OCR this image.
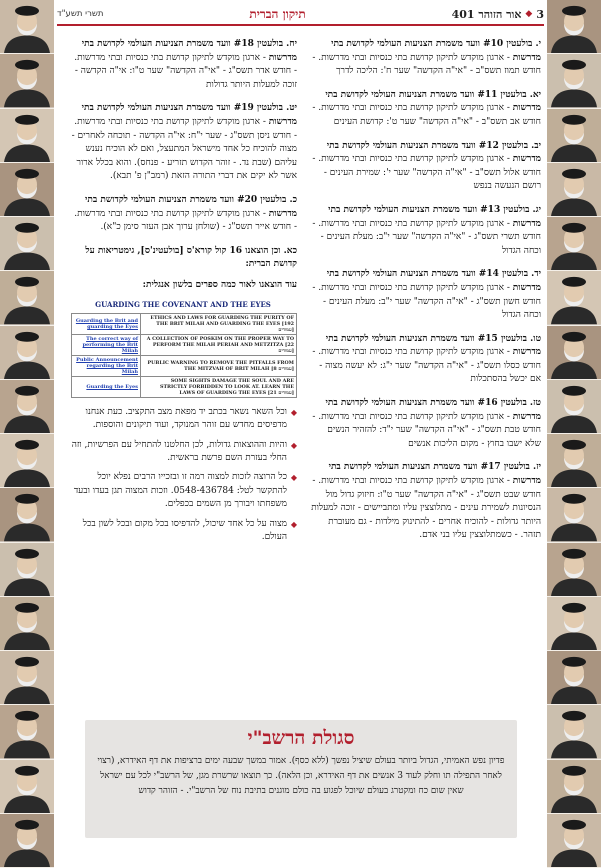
3
◆
אור הזוהר 401
תיקון הברית
תשרי תשע"ד
י. בולעטין #10 וועד משמרת הצניעות העולמי לקדושת בתי מדרשות - ארגון מוקדש לתיקון קדושת בתי כנסיות ובתי מדרשות. - חודש תמוז תשס"ב - "אי"ה הקדשה" שער ח': הליכה לדרך
יא. בולעטין #11 וועד משמרת הצניעות העולמי לקדושת בתי מדרשות - ארגון מוקדש לתיקון קדושת בתי כנסיות ובתי מדרשות. - חודש אב תשס"ב - "אי"ה הקדשה" שער ט': קדושת העינים
יב. בולעטין #12 וועד משמרת הצניעות העולמי לקדושת בתי מדרשות - ארגון מוקדש לתיקון קדושת בתי כנסיות ובתי מדרשות. - חודש אלול תשס"ב - "אי"ה הקדשה" שער י': שמירת העינים - רושם הנעשה בנפש
יג. בולעטין #13 וועד משמרת הצניעות העולמי לקדושת בתי מדרשות - ארגון מוקדש לתיקון קדושת בתי כנסיות ובתי מדרשות. - חודש תשרי תשס"ג - "אי"ה הקדשה" שער י"ב: מעלת העינים - וכחה הגדול
יד. בולעטין #14 וועד משמרת הצניעות העולמי לקדושת בתי מדרשות - ארגון מוקדש לתיקון קדושת בתי כנסיות ובתי מדרשות. - חודש חשון תשס"ג - "אי"ה הקדשה" שער י"ב: מעלת העינים - וכחה הגדול
טו. בולעטין #15 וועד משמרת הצניעות העולמי לקדושת בתי מדרשות - ארגון מוקדש לתיקון קדושת בתי כנסיות ובתי מדרשות. - חודש כסלו תשס"ג - "אי"ה הקדשה" שער י"ג: לא יעשה מצוה - אם יכשל בהסתכלות
טז. בולעטין #16 וועד משמרת הצניעות העולמי לקדושת בתי מדרשות - ארגון מוקדש לתיקון קדושת בתי כנסיות ובתי מדרשות. - חודש טבת תשס"ג - "אי"ה הקדשה" שער י"ד: להזהיר הנשים שלא ישבו בחוץ - מקום הליכות אנשים
יז. בולעטין #17 וועד משמרת הצניעות העולמי לקדושת בתי מדרשות - ארגון מוקדש לתיקון קדושת בתי כנסיות ובתי מדרשות. - חודש שבט תשס"ג - "אי"ה הקדשה" שער ט"ו: חיזוק גדול מול הנסיונות לשמירת עינים - מתלוצצין עליו ומתביישים - זוכה למעלות היותר גדולות - להוכיח אחרים - להתינוק מילדות - גם מעוברת תזהר. - כשמתלוצצין עליו בני אדם.
יח. בולעטין #18 וועד משמרת הצניעות העולמי לקדושת בתי מדרשות - ארגון מוקדש לתיקון קדושת בתי כנסיות ובתי מדרשות. - חודש אדר תשס"ג - "אי"ה הקדשה" שער ט"ו: אי"ה הקדשה - זוכה למעלות היותר גדולות
יט. בולעטין #19 וועד משמרת הצניעות העולמי לקדושת בתי מדרשות - ארגון מוקדש לתיקון קדושת בתי כנסיות ובתי מדרשות. - חודש ניסן תשס"ג - שער י"ח: אי"ה הקדשה - תוכחה לאחרים - מצוה להוכיח כל אחד מישראל המתעצל, ואם לא הוכיח נענש עליהם (שבת נד. - זוהר הקדוש תזריע - פנחס). והוא בכלל ארור אשר לא יקים את דברי התורה הזאת (רמב"ן פ' תבא).
כ. בולעטין #20 וועד משמרת הצניעות העולמי לקדושת בתי מדרשות - ארגון מוקדש לתיקון קדושת בתי כנסיות ובתי מדרשות. - חודש אייר תשס"ג - (שולחן ערוך אבן העזר סימן כ"א).
כא. וכן הוצאנו 16 קול קורא'ס [בולעטינ'ס], גימטריאות על קדושת הברית:
עוד הוצאנו לאור כמה ספרים בלשון אנגלית:
GUARDING THE COVENANT AND THE EYES
Guarding the Brit and guarding the Eyes	ETHICS AND LAWS FOR GUARDING THE PURITY OF THE BRIT MILAH AND GUARDING THE EYES [192 עמודים]
The correct way of performing the Brit Milah	A COLLECTION OF POSKIM ON THE PROPER WAY TO PERFORM THE MILAH PERIAH AND METZITZA [22 עמודים]
Public Announcement regarding the Brit Milah	PUBLIC WARNING TO REMOVE THE PITFALLS FROM THE MITZVAH OF BRIT MILAH [8 עמודים]
Guarding the Eyes	SOME SIGHTS DAMAGE THE SOUL AND ARE STRICTLY FORBIDDEN TO LOOK AT. LEARN THE LAWS OF GUARDING THE EYES [21 עמודים]
◆
וכל השאר נשאר בכתב יד מפאת מצב התקציב. כעת אנחנו מדפיסים מחדש עם זוהר המנוקד, ועוד תיקונים והוספות.
◆
והיות וההוצאות גדולות, לכן החלטנו להתחיל עם הפרשיות, וזה החלי בעזרת השם פרשת בראשית.
◆
כל הרוצה לזכות למצוה רמה זו ובזכייו הרבים נפלא יוכל להתקשר לטל: 0548-436784. וזכות המצוה תגן בעדו ובעד משפחתו ויבורך מן השמים בכפלים.
◆
מצוה על כל אחד שיכול, להדפיסו בכל מקום ובכל לשון בכל העולם.
סגולת הרשב"י
פדיון נפש האמיתי, הגדול ביותר בעולם שיציל נפשך (ללא כסף). אמור במשך שבעה ימים ברציפות את דף האידרא, (רצוי לאחר התפילה תו וחלק לעוד 3 אנשים את דף האידרא, וכן הלאה). כך תוצאו שרשרת מגן, של הרשב"י לכל עם ישראל שאין שום כח ומקטרג בעולם שיוכל לפגוע בה כולם מוגנים בתיבת נוח של הרשב"י. - הזוהר קדוש
